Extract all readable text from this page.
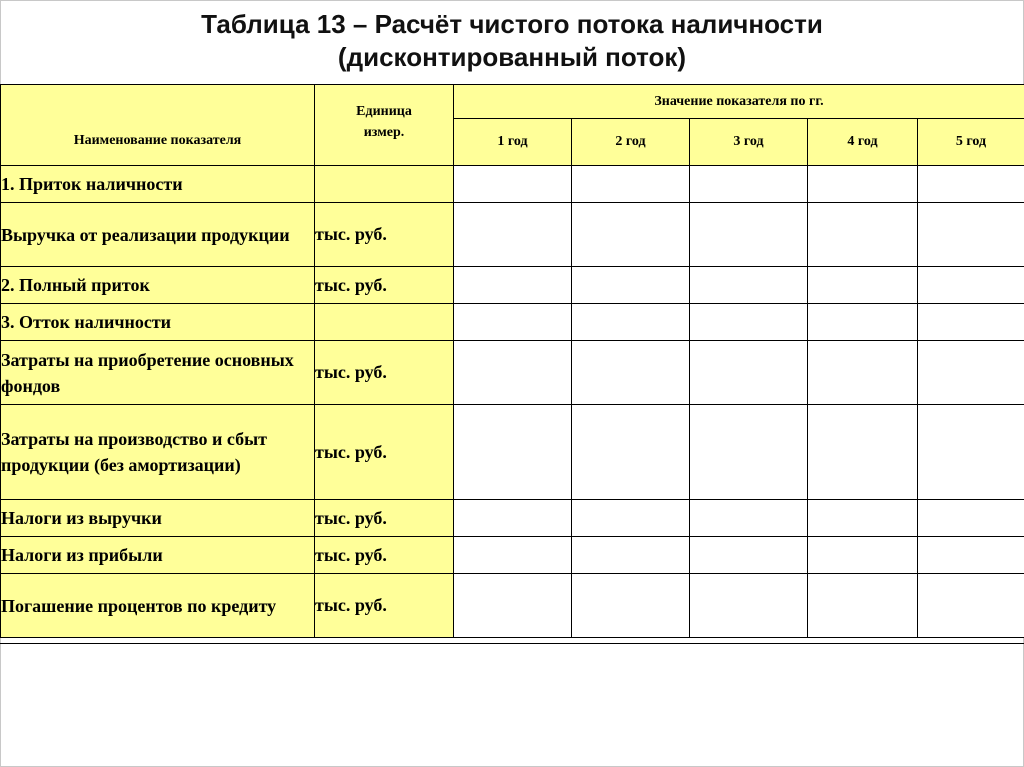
Таблица 13 – Расчёт чистого потока наличности
(дисконтированный поток)
Наименование показателя	Единица измер.	Значение показателя по гг.				
		1 год	2 год	3 год	4 год	5 год
1. Приток наличности						
Выручка от реализации продукции	тыс. руб.					
2. Полный приток	тыс. руб.					
3. Отток наличности						
Затраты на приобретение основных фондов	тыс. руб.					
Затраты на производство и сбыт продукции (без амортизации)	тыс. руб.					
Налоги из выручки	тыс. руб.					
Налоги из прибыли	тыс. руб.					
Погашение процентов по кредиту	тыс. руб.					
